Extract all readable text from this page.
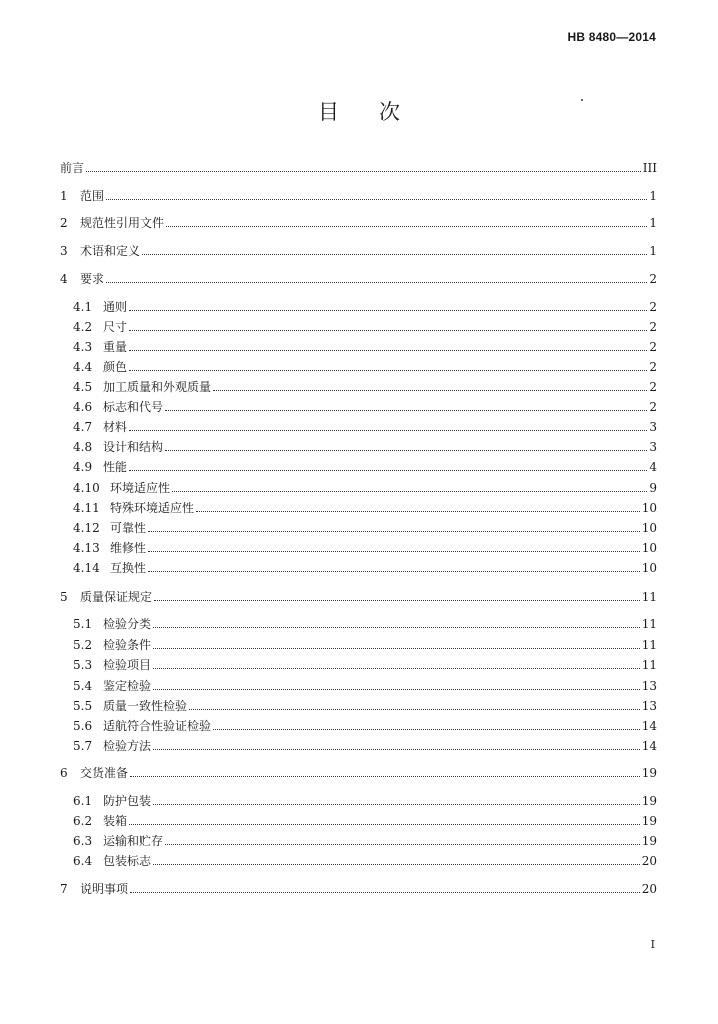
HB 8480—2014
目 次
前言	III
1	范围	1
2	规范性引用文件	1
3	术语和定义	1
4	要求	2
4.1 通则	2
4.2 尺寸	2
4.3 重量	2
4.4 颜色	2
4.5 加工质量和外观质量	2
4.6 标志和代号	2
4.7 材料	3
4.8 设计和结构	3
4.9 性能	4
4.10 环境适应性	9
4.11 特殊环境适应性	10
4.12 可靠性	10
4.13 维修性	10
4.14 互换性	10
5	质量保证规定	11
5.1 检验分类	11
5.2 检验条件	11
5.3 检验项目	11
5.4 鉴定检验	13
5.5 质量一致性检验	13
5.6 适航符合性验证检验	14
5.7 检验方法	14
6	交货准备	19
6.1 防护包装	19
6.2 装箱	19
6.3 运输和贮存	19
6.4 包装标志	20
7	说明事项	20
I
